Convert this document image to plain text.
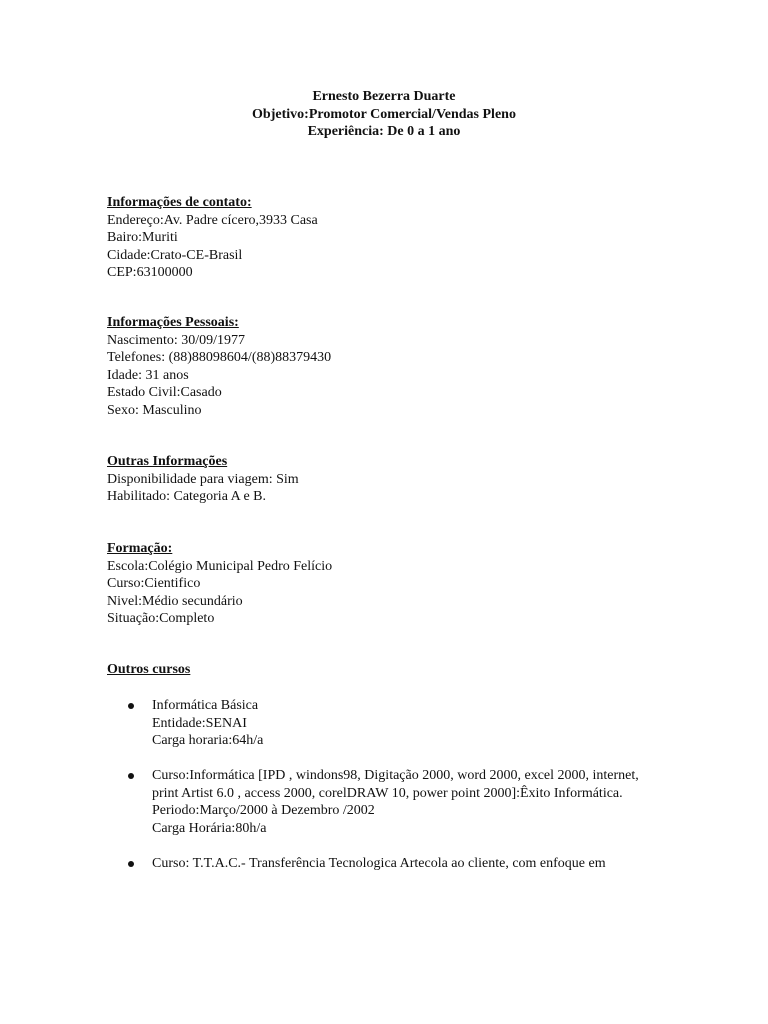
Ernesto Bezerra Duarte
Objetivo:Promotor Comercial/Vendas Pleno
Experiência: De 0 a 1 ano
Informações de contato:
Endereço:Av. Padre cícero,3933 Casa
Bairo:Muriti
Cidade:Crato-CE-Brasil
CEP:63100000
Informações Pessoais:
Nascimento: 30/09/1977
Telefones: (88)88098604/(88)88379430
Idade: 31 anos
Estado Civil:Casado
Sexo: Masculino
Outras Informações
Disponibilidade para viagem: Sim
Habilitado: Categoria A e B.
Formação:
Escola:Colégio Municipal Pedro Felício
Curso:Cientifico
Nivel:Médio secundário
Situação:Completo
Outros cursos
Informática Básica
Entidade:SENAI
Carga horaria:64h/a
Curso:Informática [IPD , windons98, Digitação 2000, word 2000, excel 2000, internet, print Artist 6.0 , access 2000, corelDRAW 10, power point 2000]:Êxito Informática.
Periodo:Março/2000 à Dezembro /2002
Carga Horária:80h/a
Curso: T.T.A.C.- Transferência Tecnologica Artecola ao cliente, com enfoque em
